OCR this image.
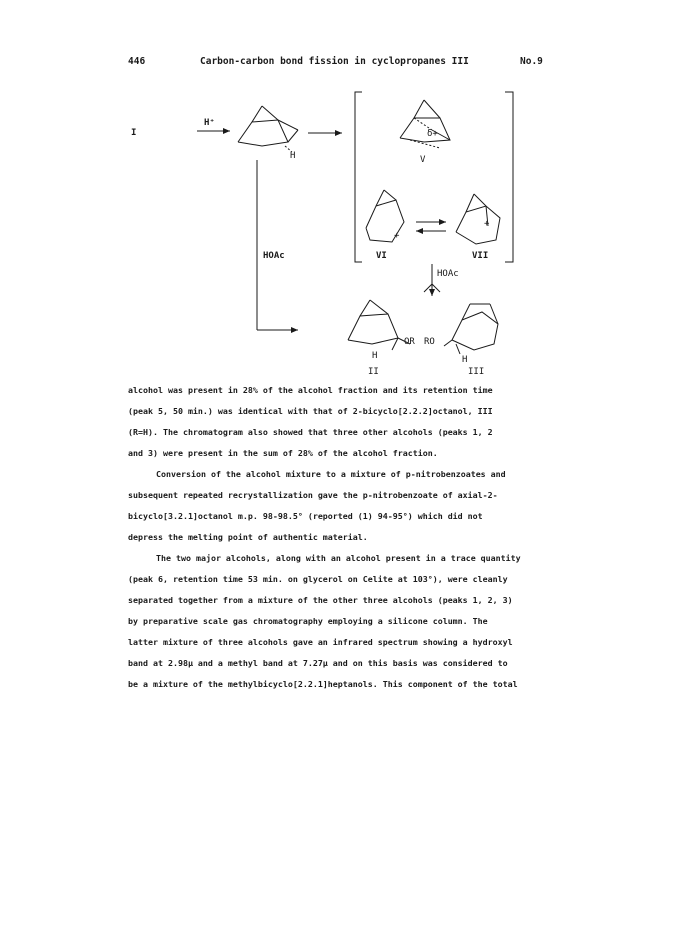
446	Carbon-carbon bond fission in cyclopropanes III	No.9
I
H⁺
H
HOAc
δ+
V
+
VI
+
VII
HOAc
OR RO
H	H
II	III

alcohol was present in 28% of the alcohol fraction and its retention time
(peak 5, 50 min.) was identical with that of 2-bicyclo[2.2.2]octanol, III
(R=H). The chromatogram also showed that three other alcohols (peaks 1, 2
and 3) were present in the sum of 28% of the alcohol fraction.

Conversion of the alcohol mixture to a mixture of p-nitrobenzoates and
subsequent repeated recrystallization gave the p-nitrobenzoate of axial-2-
bicyclo[3.2.1]octanol m.p. 98-98.5° (reported (1) 94-95°) which did not
depress the melting point of authentic material.

The two major alcohols, along with an alcohol present in a trace quantity
(peak 6, retention time 53 min. on glycerol on Celite at 103°), were cleanly
separated together from a mixture of the other three alcohols (peaks 1, 2, 3)
by preparative scale gas chromatography employing a silicone column. The
latter mixture of three alcohols gave an infrared spectrum showing a hydroxyl
band at 2.98μ and a methyl band at 7.27μ and on this basis was considered to
be a mixture of the methylbicyclo[2.2.1]heptanols. This component of the total
